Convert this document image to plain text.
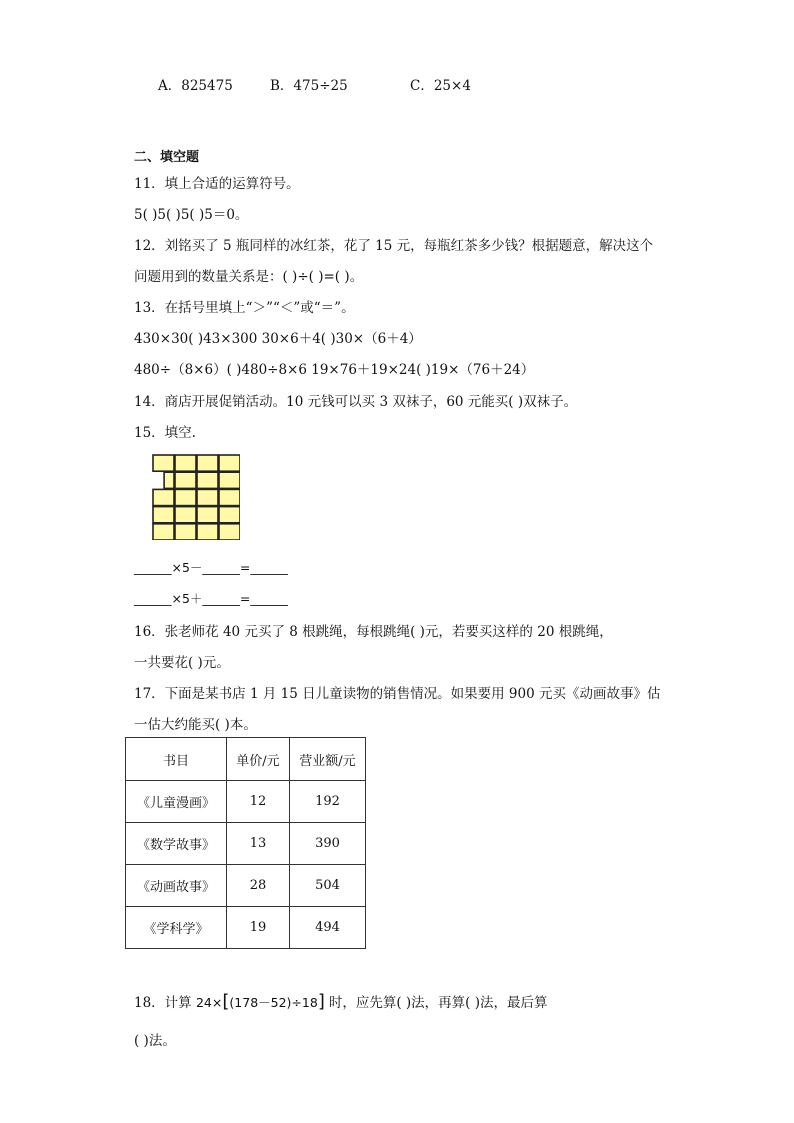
A．825475	B．475÷25	C．25×4
二、填空题
11．填上合适的运算符号。
5( )5( )5( )5＝0。
12．刘铭买了 5 瓶同样的冰红茶，花了 15 元，每瓶红茶多少钱？根据题意，解决这个
问题用到的数量关系是：( )÷( )=( )。
13．在括号里填上“＞”“＜”或“＝”。
430×30( )43×300 30×6＋4( )30×（6＋4）
480÷（8×6）( )480÷8×6 19×76＋19×24( )19×（76＋24）
14．商店开展促销活动。10 元钱可以买 3 双袜子，60 元能买( )双袜子。
15．填空.
______×5－______=______
______×5＋______=______
16．张老师花 40 元买了 8 根跳绳，每根跳绳( )元，若要买这样的 20 根跳绳，
一共要花( )元。
17．下面是某书店 1 月 15 日儿童读物的销售情况。如果要用 900 元买《动画故事》估
一估大约能买( )本。
书目	单价/元	营业额/元
《儿童漫画》	12	192
《数学故事》	13	390
《动画故事》	28	504
《学科学》	19	494
18．计算 24×[(178－52)÷18] 时，应先算( )法，再算( )法，最后算
( )法。
